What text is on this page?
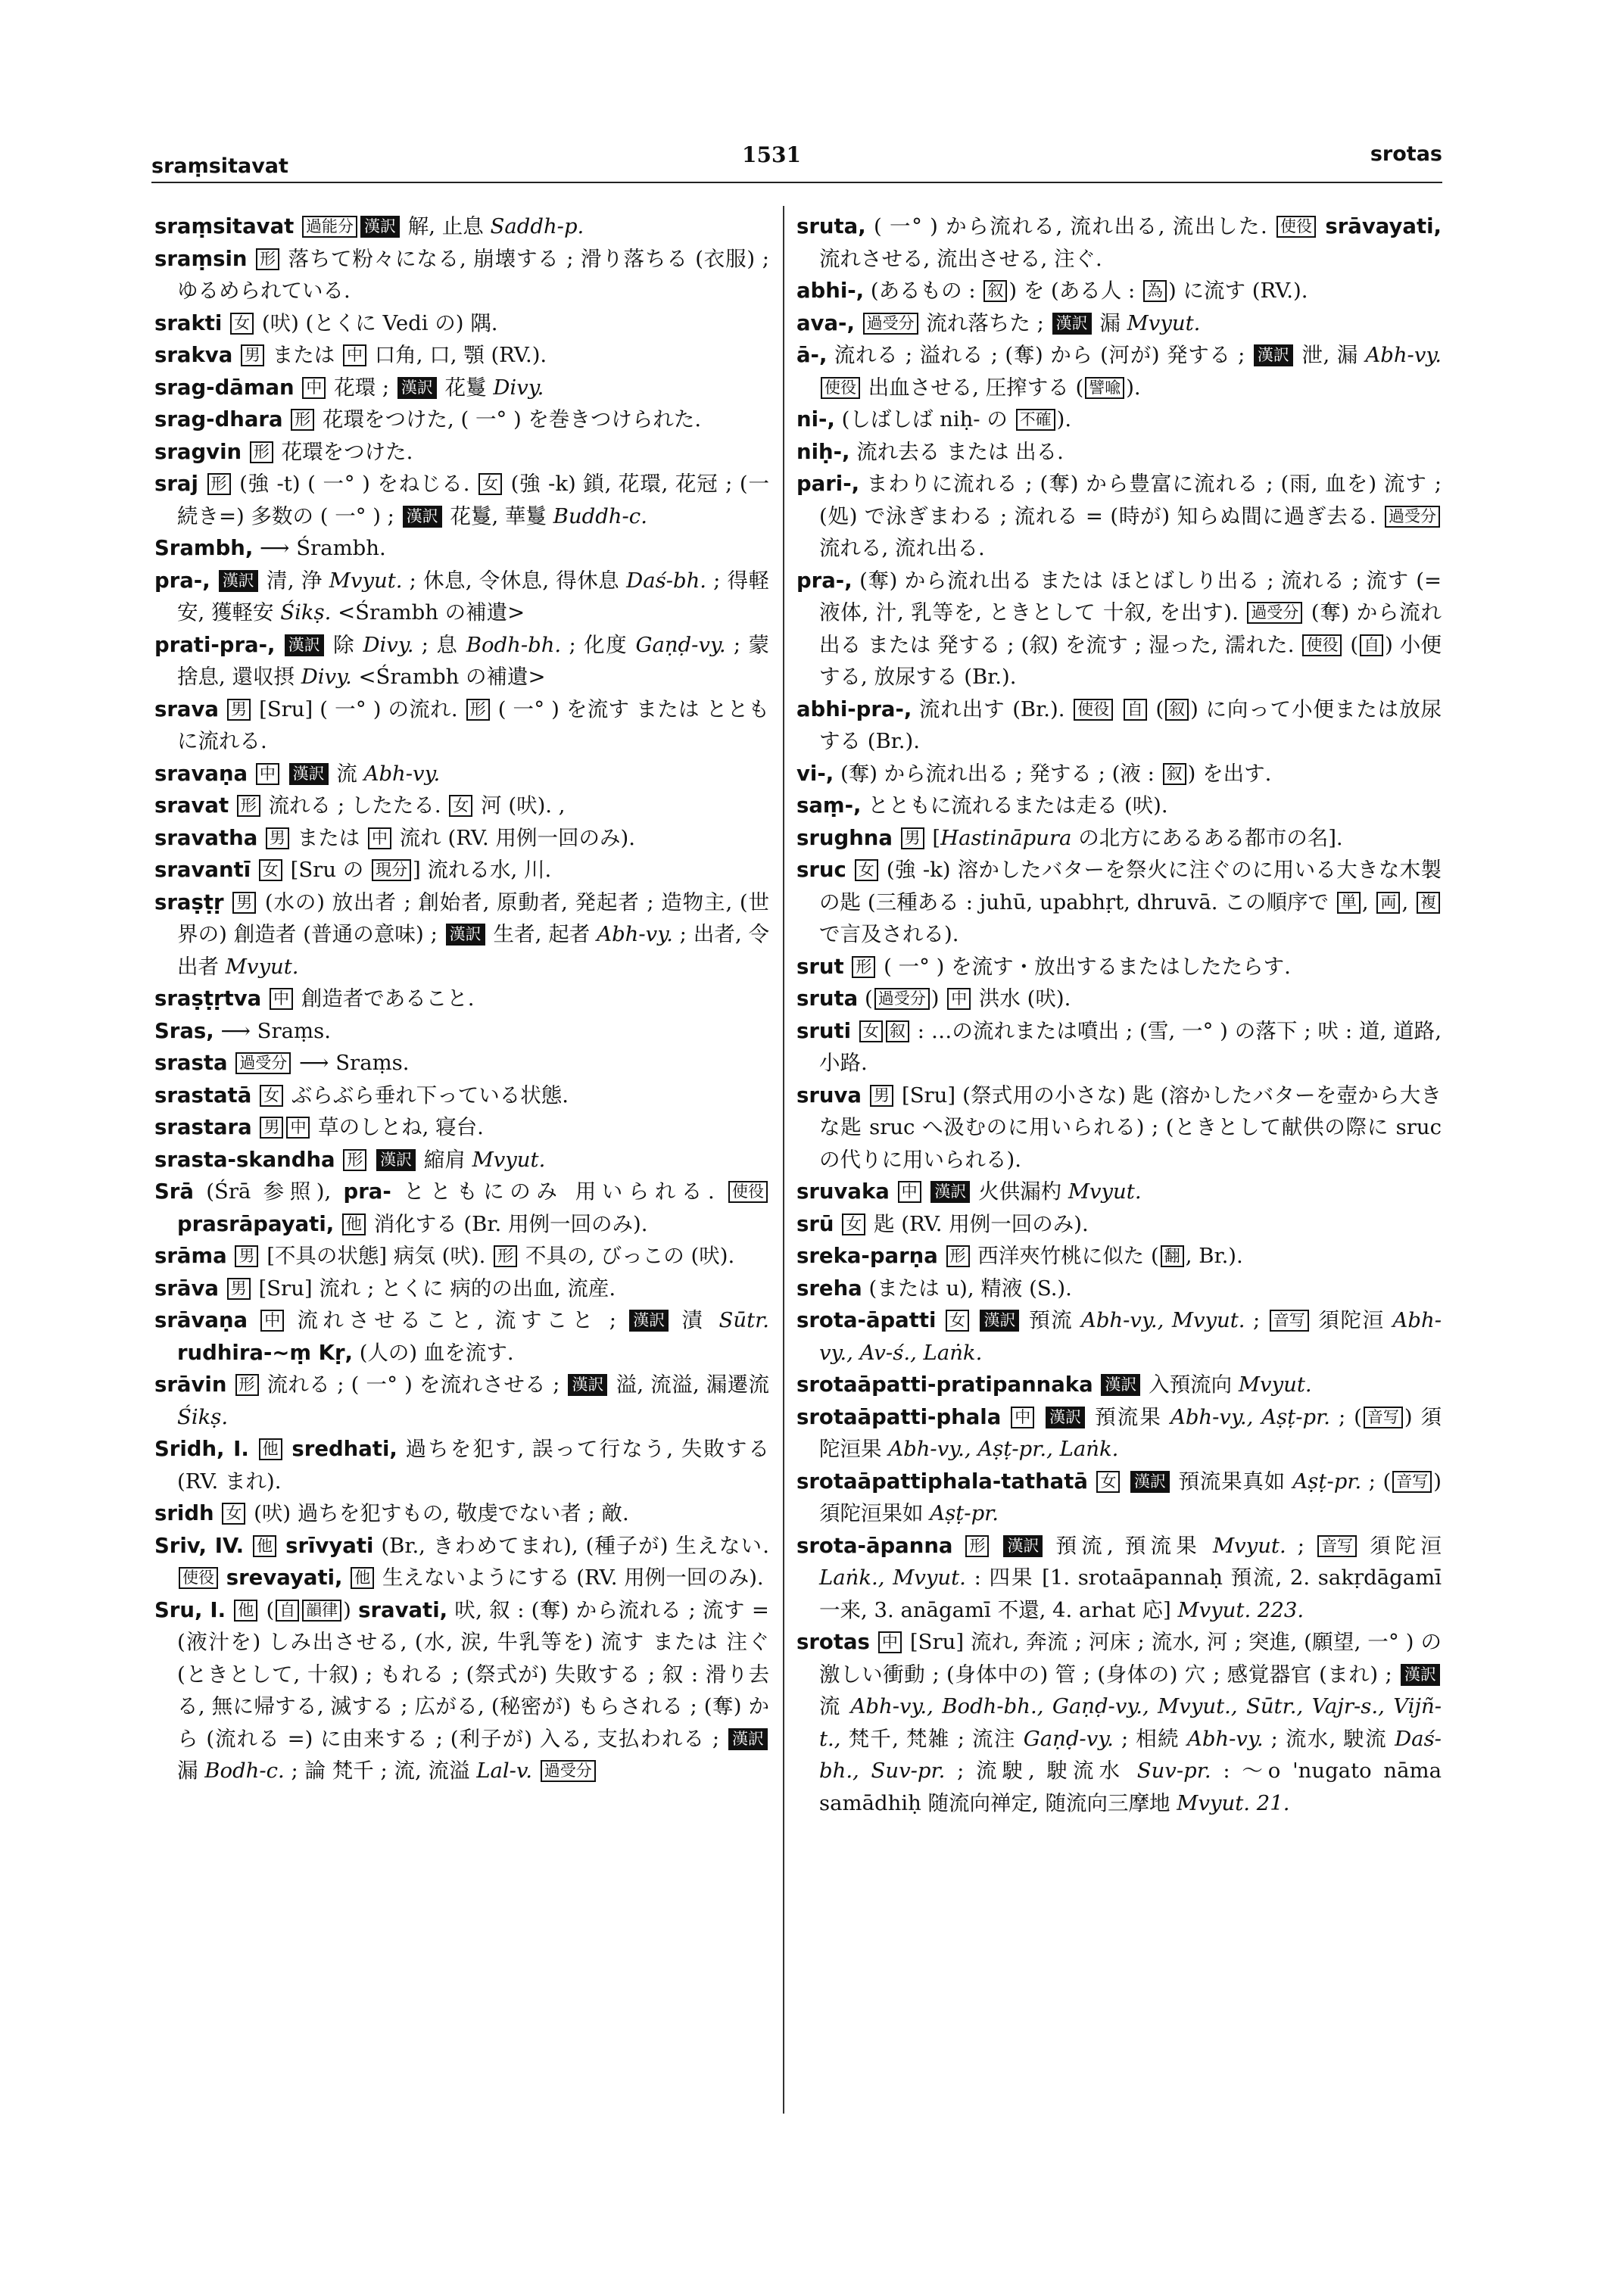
sraṃsitavat	1531	srotas

sraṃsitavat 過能分 漢訳 解, 止息 Saddh-p.

sraṃsin 形 落ちて粉々になる, 崩壊する ; 滑り落ちる (衣服) ; ゆるめられている.

srakti 女 (吠) (とくに Vedi の) 隅.

srakva 男 または 中 口角, 口, 顎 (RV.).

srag-dāman 中 花環 ; 漢訳 花鬘 Divy.

srag-dhara 形 花環をつけた, ( 一° ) を巻きつけられた.

sragvin 形 花環をつけた.

sraj 形 (強 -t) ( 一° ) をねじる. 女 (強 -k) 鎖, 花環, 花冠 ; (一続き=) 多数の ( 一° ) ; 漢訳 花鬘, 華鬘 Buddh-c.

Srambh, ⟶ Śrambh.

pra-, 漢訳 清, 浄 Mvyut. ; 休息, 令休息, 得休息 Daś-bh. ; 得軽安, 獲軽安 Śikṣ. <Śrambh の補遺>

prati-pra-, 漢訳 除 Divy. ; 息 Bodh-bh. ; 化度 Gaṇḍ-vy. ; 蒙捨息, 還収摂 Divy. <Śrambh の補遺>

srava 男 [Sru] ( 一° ) の流れ. 形 ( 一° ) を流す または とともに流れる.

sravaṇa 中 漢訳 流 Abh-vy.

sravat 形 流れる ; したたる. 女 河 (吠). ,

sravatha 男 または 中 流れ (RV. 用例一回のみ).

sravantī 女 [Sru の 現分 ] 流れる水, 川.

sraṣṭṛ 男 (水の) 放出者 ; 創始者, 原動者, 発起者 ; 造物主, (世界の) 創造者 (普通の意味) ; 漢訳 生者, 起者 Abh-vy. ; 出者, 令出者 Mvyut.

sraṣṭṛtva 中 創造者であること.

Sras, ⟶ Sraṃs.

srasta 過受分 ⟶ Sraṃs.

srastatā 女 ぶらぶら垂れ下っている状態.

srastara 男 中 草のしとね, 寝台.

srasta-skandha 形 漢訳 縮肩 Mvyut.

Srā (Śrā 参照), pra- とともにのみ 用いられる. 使役 prasrāpayati, 他 消化する (Br. 用例一回のみ).

srāma 男 [不具の状態] 病気 (吠). 形 不具の, びっこの (吠).

srāva 男 [Sru] 流れ ; とくに 病的の出血, 流産.

srāvaṇa 中 流れさせること, 流すこと ; 漢訳 漬 Sūtr. rudhira-~ṃ Kṛ, (人の) 血を流す.

srāvin 形 流れる ; ( 一° ) を流れさせる ; 漢訳 溢, 流溢, 漏遷流 Śikṣ.

Sridh, I. 他 sredhati, 過ちを犯す, 誤って行なう, 失敗する (RV. まれ).

sridh 女 (吠) 過ちを犯すもの, 敬虔でない者 ; 敵.

Sriv, IV. 他 srīvyati (Br., きわめてまれ), (種子が) 生えない. 使役 srevayati, 他 生えないようにする (RV. 用例一回のみ).

Sru, I. 他 ( 自 韻律 ) sravati, 吠, 叙 : (奪) から流れる ; 流す = (液汁を) しみ出させる, (水, 涙, 牛乳等を) 流す または 注ぐ (ときとして, 十叙) ; もれる ; (祭式が) 失敗する ; 叙 : 滑り去る, 無に帰する, 滅する ; 広がる, (秘密が) もらされる ; (奪) から (流れる =) に由来する ; (利子が) 入る, 支払われる ; 漢訳 漏 Bodh-c. ; 論 梵千 ; 流, 流溢 Lal-v. 過受分

sruta, ( 一° ) から流れる, 流れ出る, 流出した. 使役 srāvayati, 流れさせる, 流出させる, 注ぐ.

abhi-, (あるもの : 叙 ) を (ある人 : 為 ) に流す (RV.).

ava-, 過受分 流れ落ちた ; 漢訳 漏 Mvyut.

ā-, 流れる ; 溢れる ; (奪) から (河が) 発する ; 漢訳 泄, 漏 Abh-vy. 使役 出血させる, 圧搾する ( 譬喩 ).

ni-, (しばしば niḥ- の 不確 ).

niḥ-, 流れ去る または 出る.

pari-, まわりに流れる ; (奪) から豊富に流れる ; (雨, 血を) 流す ; (処) で泳ぎまわる ; 流れる = (時が) 知らぬ間に過ぎ去る. 過受分 流れる, 流れ出る.

pra-, (奪) から流れ出る または ほとばしり出る ; 流れる ; 流す (= 液体, 汁, 乳等を, ときとして 十叙, を出す). 過受分 (奪) から流れ出る または 発する ; (叙) を流す ; 湿った, 濡れた. 使役 ( 自 ) 小便する, 放尿する (Br.).

abhi-pra-, 流れ出す (Br.). 使役 自 ( 叙 ) に向って小便または放尿する (Br.).

vi-, (奪) から流れ出る ; 発する ; (液 : 叙 ) を出す.

saṃ-, とともに流れるまたは走る (吠).

srughna 男 [Hastināpura の北方にあるある都市の名].

sruc 女 (強 -k) 溶かしたバターを祭火に注ぐのに用いる大きな木製の匙 (三種ある : juhū, upabhṛt, dhruvā. この順序で 単 , 両 , 複 で言及される).

srut 形 ( 一° ) を流す・放出するまたはしたたらす.

sruta ( 過受分 ) 中 洪水 (吠).

sruti 女 叙 : …の流れまたは噴出 ; (雪, 一° ) の落下 ; 吠 : 道, 道路, 小路.

sruva 男 [Sru] (祭式用の小さな) 匙 (溶かしたバターを壺から大きな匙 sruc へ汲むのに用いられる) ; (ときとして献供の際に sruc の代りに用いられる).

sruvaka 中 漢訳 火供漏杓 Mvyut.

srū 女 匙 (RV. 用例一回のみ).

sreka-parṇa 形 西洋夾竹桃に似た ( 翻 , Br.).

sreha (または u), 精液 (S.).

srota-āpatti 女 漢訳 預流 Abh-vy., Mvyut. ; 音写 須陀洹 Abh-vy., Av-ś., Laṅk.

srotaāpatti-pratipannaka 漢訳 入預流向 Mvyut.

srotaāpatti-phala 中 漢訳 預流果 Abh-vy., Aṣṭ-pr. ; ( 音写 ) 須陀洹果 Abh-vy., Aṣṭ-pr., Laṅk.

srotaāpattiphala-tathatā 女 漢訳 預流果真如 Aṣṭ-pr. ; ( 音写 ) 須陀洹果如 Aṣṭ-pr.

srota-āpanna 形 漢訳 預流, 預流果 Mvyut. ; 音写 須陀洹 Laṅk., Mvyut. : 四果 [1. srotaāpannaḥ 預流, 2. sakṛdāgamī 一来, 3. anāgamī 不還, 4. arhat 応] Mvyut. 223.

srotas 中 [Sru] 流れ, 奔流 ; 河床 ; 流水, 河 ; 突進, (願望, 一° ) の激しい衝動 ; (身体中の) 管 ; (身体の) 穴 ; 感覚器官 (まれ) ; 漢訳 流 Abh-vy., Bodh-bh., Gaṇḍ-vy., Mvyut., Sūtr., Vajr-s., Vijñ-t., 梵千, 梵雑 ; 流注 Gaṇḍ-vy. ; 相続 Abh-vy. ; 流水, 駛流 Daś-bh., Suv-pr. ; 流駛, 駛流水 Suv-pr. : ～o 'nugato nāma samādhiḥ 随流向禅定, 随流向三摩地 Mvyut. 21.
